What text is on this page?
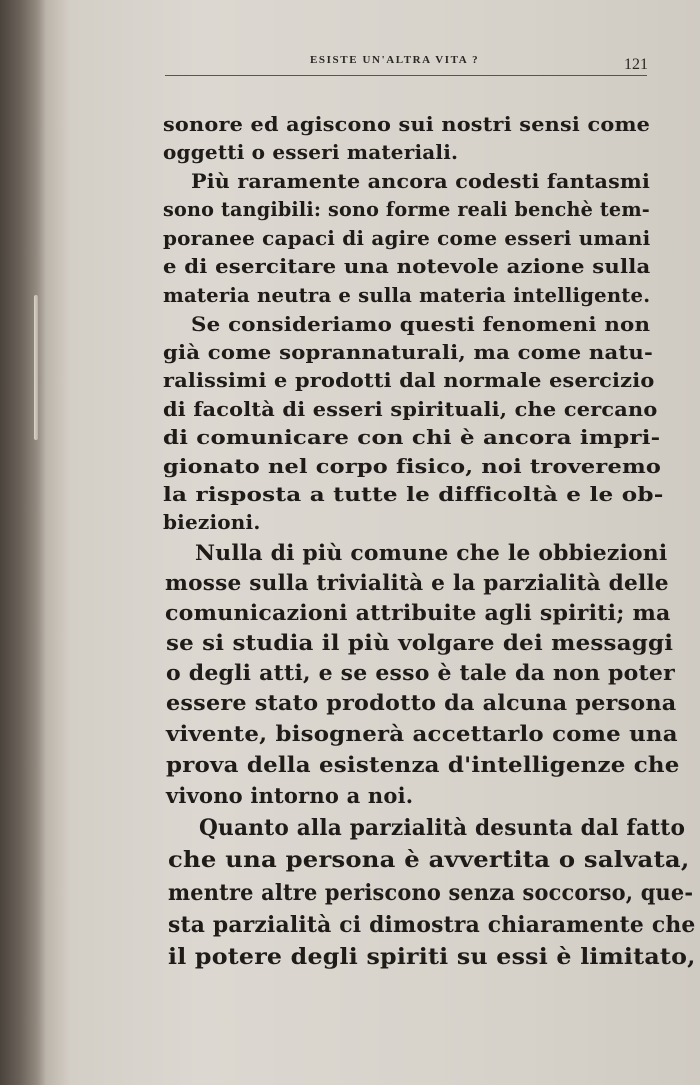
ESISTE UN'ALTRA VITA ?	121
sonore ed agiscono sui nostri sensi come
oggetti o esseri materiali.
Più raramente ancora codesti fantasmi
sono tangibili: sono forme reali benchè tem-
poranee capaci di agire come esseri umani
e di esercitare una notevole azione sulla
materia neutra e sulla materia intelligente.
Se consideriamo questi fenomeni non
già come soprannaturali, ma come natu-
ralissimi e prodotti dal normale esercizio
di facoltà di esseri spirituali, che cercano
di comunicare con chi è ancora impri-
gionato nel corpo fisico, noi troveremo
la risposta a tutte le difficoltà e le ob-
biezioni.
Nulla di più comune che le obbiezioni
mosse sulla trivialità e la parzialità delle
comunicazioni attribuite agli spiriti; ma
se si studia il più volgare dei messaggi
o degli atti, e se esso è tale da non poter
essere stato prodotto da alcuna persona
vivente, bisognerà accettarlo come una
prova della esistenza d'intelligenze che
vivono intorno a noi.
Quanto alla parzialità desunta dal fatto
che una persona è avvertita o salvata,
mentre altre periscono senza soccorso, que-
sta parzialità ci dimostra chiaramente che
il potere degli spiriti su essi è limitato,
